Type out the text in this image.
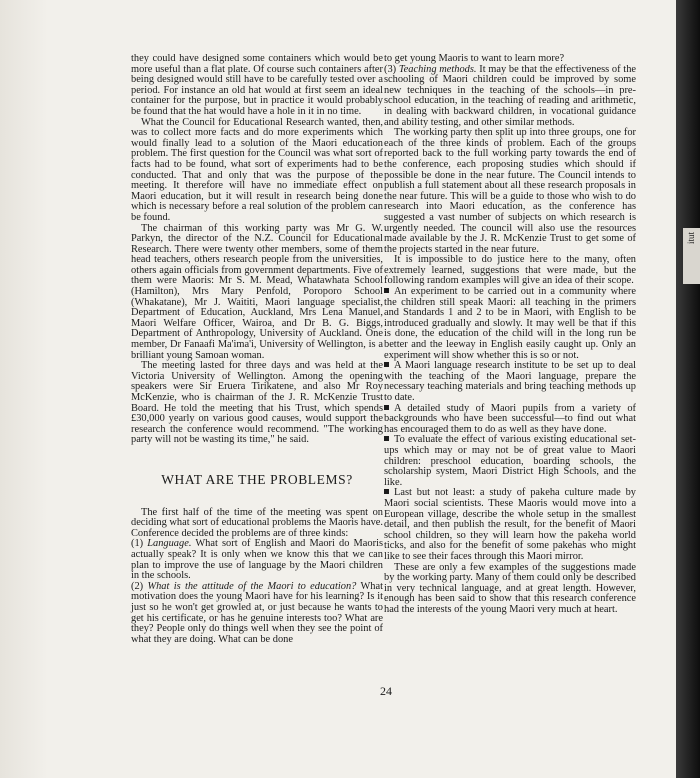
they could have designed some containers which would be more useful than a flat plate. Of course such containers after being designed would still have to be carefully tested over a period. For instance an old hat would at first seem an ideal container for the purpose, but in practice it would probably be found that the hat would have a hole in it in no time.

What the Council for Educational Research wanted, then, was to collect more facts and do more experiments which would finally lead to a solution of the Maori education problem. The first question for the Council was what sort of facts had to be found, what sort of experiments had to be conducted. That and only that was the purpose of the meeting. It therefore will have no immediate effect on Maori education, but it will result in research being done which is necessary before a real solution of the problem can be found.

The chairman of this working party was Mr G. W. Parkyn, the director of the N.Z. Council for Educational Research. There were twenty other members, some of them head teachers, others research people from the universities, others again officials from government departments. Five of them were Maoris: Mr S. M. Mead, Whatawhata School (Hamilton), Mrs Mary Penfold, Poroporo School (Whakatane), Mr J. Waititi, Maori language specialist, Department of Education, Auckland, Mrs Lena Manuel, Maori Welfare Officer, Wairoa, and Dr B. G. Biggs, Department of Anthropology, University of Auckland. One member, Dr Fanaafi Ma'ima'i, University of Wellington, is a brilliant young Samoan woman.

The meeting lasted for three days and was held at the Victoria University of Wellington. Among the opening speakers were Sir Eruera Tirikatene, and also Mr Roy McKenzie, who is chairman of the J. R. McKenzie Trust Board. He told the meeting that his Trust, which spends £30,000 yearly on various good causes, would support the research the conference would recommend. "The working party will not be wasting its time," he said.

WHAT ARE THE PROBLEMS?

The first half of the time of the meeting was spent on deciding what sort of educational problems the Maoris have. Conference decided the problems are of three kinds:

(1) Language. What sort of English and Maori do Maoris actually speak? It is only when we know this that we can plan to improve the use of language by the Maori children in the schools.

(2) What is the attitude of the Maori to education? What motivation does the young Maori have for his learning? Is it just so he won't get growled at, or just because he wants to get his certificate, or has he genuine interests too? What are they? People only do things well when they see the point of what they are doing. What can be done

to get young Maoris to want to learn more?

(3) Teaching methods. It may be that the effectiveness of the schooling of Maori children could be improved by some new techniques in the teaching of the schools—in pre-school education, in the teaching of reading and arithmetic, in dealing with backward children, in vocational guidance and ability testing, and other similar methods.

The working party then split up into three groups, one for each of the three kinds of problem. Each of the groups reported back to the full working party towards the end of the conference, each proposing studies which should if possible be done in the near future. The Council intends to publish a full statement about all these research proposals in the near future. This will be a guide to those who wish to do research into Maori education, as the conference has suggested a vast number of subjects on which research is urgently needed. The council will also use the resources made available by the J. R. McKenzie Trust to get some of the projects started in the near future.

It is impossible to do justice here to the many, often extremely learned, suggestions that were made, but the following random examples will give an idea of their scope.

An experiment to be carried out in a community where the children still speak Maori: all teaching in the primers and Standards 1 and 2 to be in Maori, with English to be introduced gradually and slowly. It may well be that if this is done, the education of the child will in the long run be better and the leeway in English easily caught up. Only an experiment will show whether this is so or not.

A Maori language research institute to be set up to deal with the teaching of the Maori language, prepare the necessary teaching materials and bring teaching methods up to date.

A detailed study of Maori pupils from a variety of backgrounds who have been successful—to find out what has encouraged them to do as well as they have done.

To evaluate the effect of various existing educational set-ups which may or may not be of great value to Maori children: preschool education, boarding schools, the scholarship system, Maori District High Schools, and the like.

Last but not least: a study of pakeha culture made by Maori social scientists. These Maoris would move into a European village, describe the whole setup in the smallest detail, and then publish the result, for the benefit of Maori school children, so they will learn how the pakeha world ticks, and also for the benefit of some pakehas who might like to see their faces through this Maori mirror.

These are only a few examples of the suggestions made by the working party. Many of them could only be described in very technical language, and at great length. However, enough has been said to show that this research conference had the interests of the young Maori very much at heart.

24
itut
